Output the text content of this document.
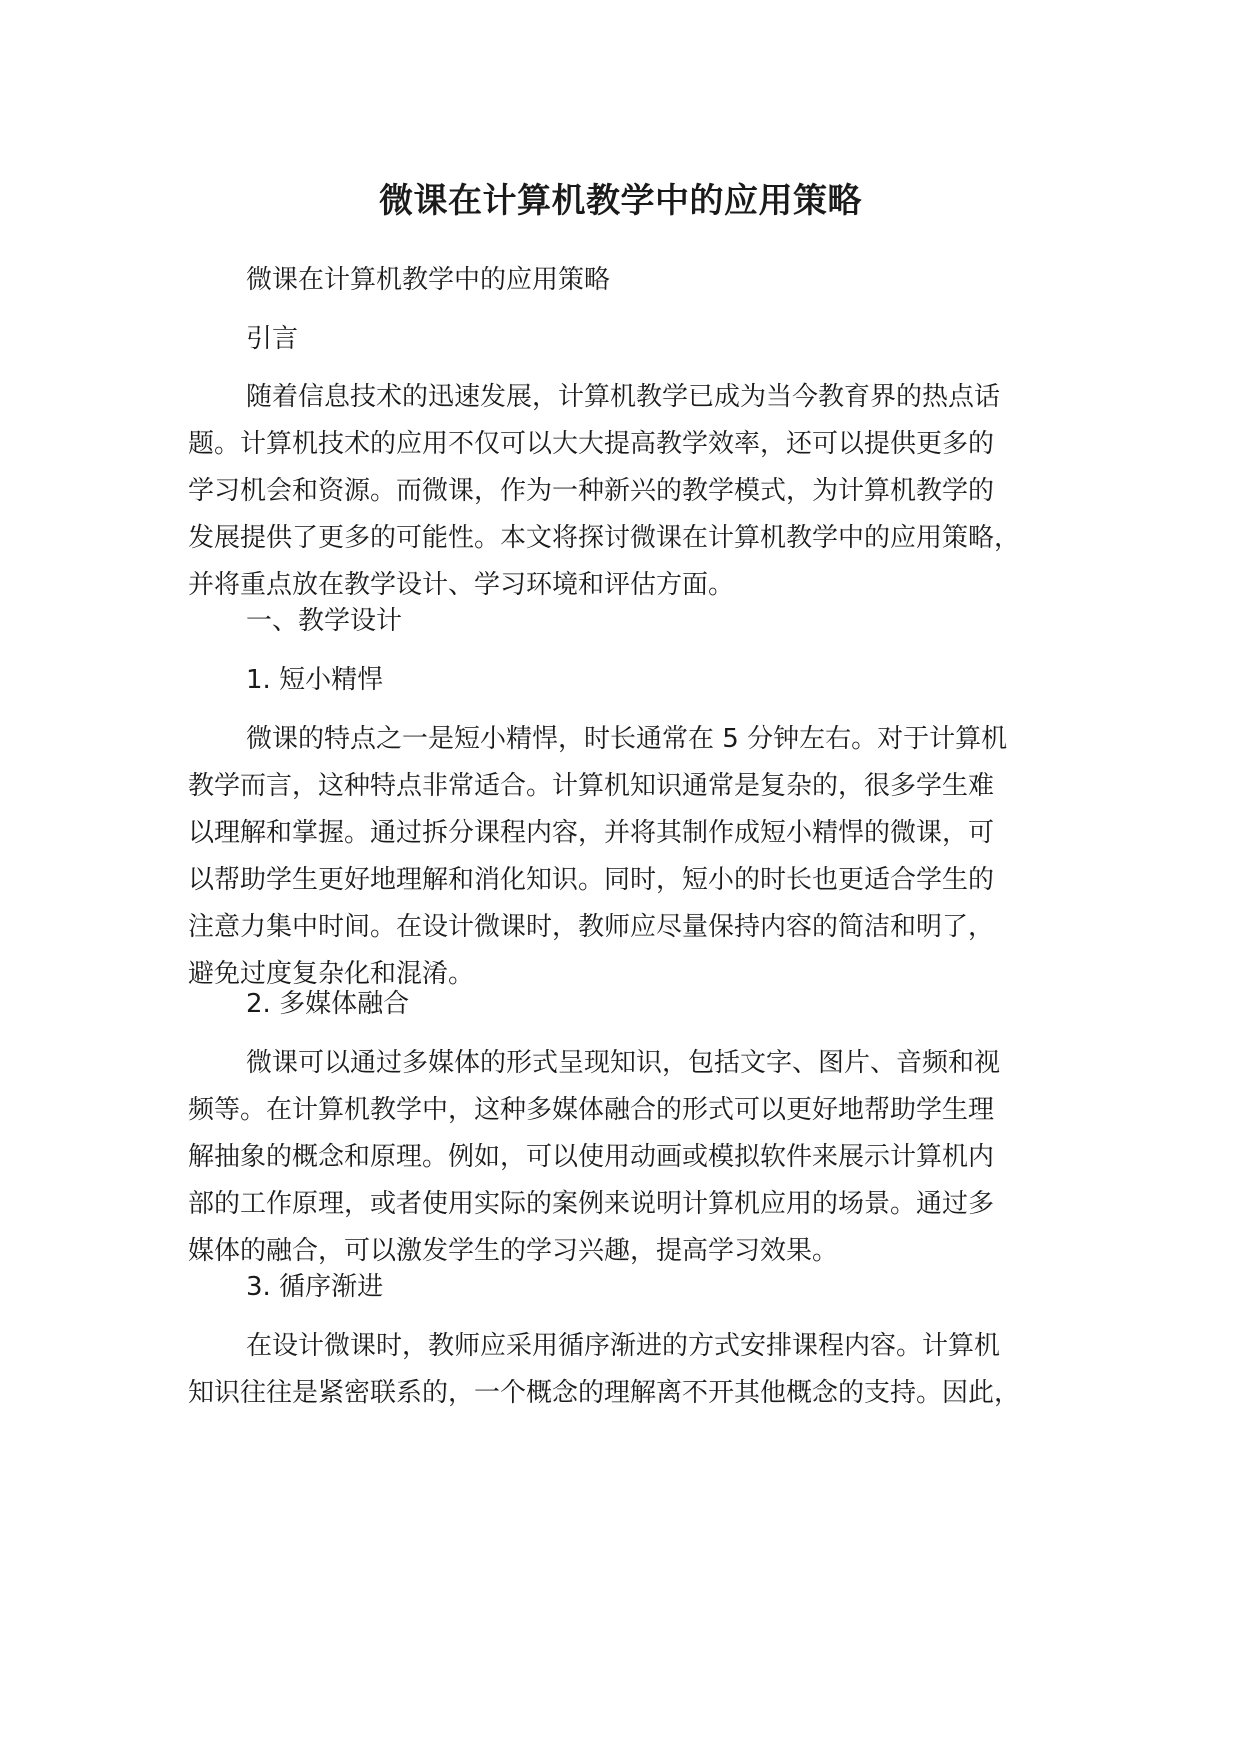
微课在计算机教学中的应用策略

微课在计算机教学中的应用策略

引言

随着信息技术的迅速发展，计算机教学已成为当今教育界的热点话
题。计算机技术的应用不仅可以大大提高教学效率，还可以提供更多的
学习机会和资源。而微课，作为一种新兴的教学模式，为计算机教学的
发展提供了更多的可能性。本文将探讨微课在计算机教学中的应用策略，
并将重点放在教学设计、学习环境和评估方面。

一、教学设计

1. 短小精悍

微课的特点之一是短小精悍，时长通常在 5 分钟左右。对于计算机
教学而言，这种特点非常适合。计算机知识通常是复杂的，很多学生难
以理解和掌握。通过拆分课程内容，并将其制作成短小精悍的微课，可
以帮助学生更好地理解和消化知识。同时，短小的时长也更适合学生的
注意力集中时间。在设计微课时，教师应尽量保持内容的简洁和明了，
避免过度复杂化和混淆。

2. 多媒体融合

微课可以通过多媒体的形式呈现知识，包括文字、图片、音频和视
频等。在计算机教学中，这种多媒体融合的形式可以更好地帮助学生理
解抽象的概念和原理。例如，可以使用动画或模拟软件来展示计算机内
部的工作原理，或者使用实际的案例来说明计算机应用的场景。通过多
媒体的融合，可以激发学生的学习兴趣，提高学习效果。

3. 循序渐进

在设计微课时，教师应采用循序渐进的方式安排课程内容。计算机
知识往往是紧密联系的，一个概念的理解离不开其他概念的支持。因此，
